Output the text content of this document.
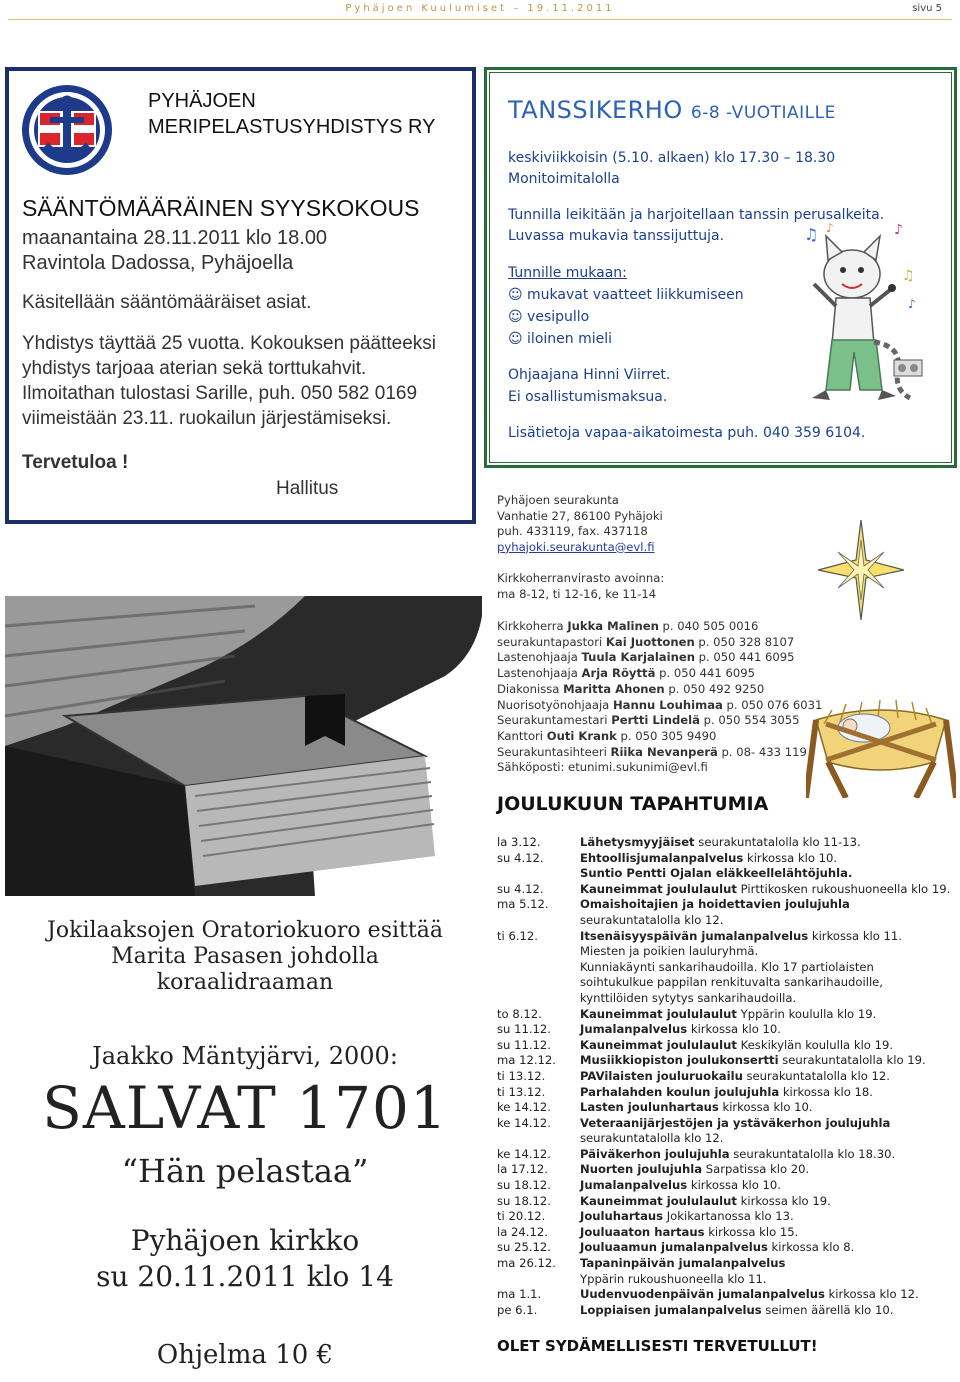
Pyhäjoen Kuulumiset – 19.11.2011	sivu 5
PYHÄJOEN
MERIPELASTUSYHDISTYS RY
SÄÄNTÖMÄÄRÄINEN SYYSKOKOUS
maanantaina 28.11.2011 klo 18.00
Ravintola Dadossa, Pyhäjoella
Käsitellään sääntömääräiset asiat.
Yhdistys täyttää 25 vuotta. Kokouksen päätteeksi
yhdistys tarjoaa aterian sekä torttukahvit.
Ilmoitathan tulostasi Sarille, puh. 050 582 0169
viimeistään 23.11. ruokailun järjestämiseksi.
Tervetuloa !
Hallitus
TANSSIKERHO 6-8 -VUOTIAILLE
keskiviikkoisin (5.10. alkaen) klo 17.30 – 18.30
Monitoimitalolla
Tunnilla leikitään ja harjoitellaan tanssin perusalkeita.
Luvassa mukavia tanssijuttuja.
Tunnille mukaan:
☺ mukavat vaatteet liikkumiseen
☺ vesipullo
☺ iloinen mieli
Ohjaajana Hinni Viirret.
Ei osallistumismaksua.
Lisätietoja vapaa-aikatoimesta puh. 040 359 6104.
♫ ♪	♪
♫
♪
Pyhäjoen seurakunta
Vanhatie 27, 86100 Pyhäjoki
puh. 433119, fax. 437118
pyhajoki.seurakunta@evl.fi
Kirkkoherranvirasto avoinna:
ma 8-12, ti 12-16, ke 11-14
Kirkkoherra Jukka Malinen p. 040 505 0016
seurakuntapastori Kai Juottonen p. 050 328 8107
Lastenohjaaja Tuula Karjalainen p. 050 441 6095
Lastenohjaaja Arja Röyttä p. 050 441 6095
Diakonissa Maritta Ahonen p. 050 492 9250
Nuorisotyönohjaaja Hannu Louhimaa p. 050 076 6031
Seurakuntamestari Pertti Lindelä p. 050 554 3055
Kanttori Outi Krank p. 050 305 9490
Seurakuntasihteeri Riika Nevanperä p. 08- 433 119
Sähköposti: etunimi.sukunimi@evl.fi
JOULUKUUN TAPAHTUMIA
la 3.12.	Lähetysmyyjäiset seurakuntatalolla klo 11-13.
su 4.12.	Ehtoollisjumalanpalvelus kirkossa klo 10.
Suntio Pentti Ojalan eläkkeellelähtöjuhla.
su 4.12.	Kauneimmat joululaulut Pirttikosken rukoushuoneella klo 19.
ma 5.12.	Omaishoitajien ja hoidettavien joulujuhla
seurakuntatalolla klo 12.
ti 6.12.	Itsenäisyyspäivän jumalanpalvelus kirkossa klo 11.
Miesten ja poikien lauluryhmä.
Kunniakäynti sankarihaudoilla. Klo 17 partiolaisten
soihtukulkue pappilan renkituvalta sankarihaudoille,
kynttilöiden sytytys sankarihaudoilla.
to 8.12.	Kauneimmat joululaulut Yppärin koululla klo 19.
su 11.12.	Jumalanpalvelus kirkossa klo 10.
su 11.12.	Kauneimmat joululaulut Keskikylän koululla klo 19.
ma 12.12.	Musiikkiopiston joulukonsertti seurakuntatalolla klo 19.
ti 13.12.	PAVilaisten jouluruokailu seurakuntatalolla klo 12.
ti 13.12.	Parhalahden koulun joulujuhla kirkossa klo 18.
ke 14.12.	Lasten joulunhartaus kirkossa klo 10.
ke 14.12.	Veteraanijärjestöjen ja ystäväkerhon joulujuhla
seurakuntatalolla klo 12.
ke 14.12.	Päiväkerhon joulujuhla seurakuntatalolla klo 18.30.
la 17.12.	Nuorten joulujuhla Sarpatissa klo 20.
su 18.12.	Jumalanpalvelus kirkossa klo 10.
su 18.12.	Kauneimmat joululaulut kirkossa klo 19.
ti 20.12.	Jouluhartaus Jokikartanossa klo 13.
la 24.12.	Jouluaaton hartaus kirkossa klo 15.
su 25.12.	Jouluaamun jumalanpalvelus kirkossa klo 8.
ma 26.12.	Tapaninpäivän jumalanpalvelus
Yppärin rukoushuoneella klo 11.
ma 1.1.	Uudenvuodenpäivän jumalanpalvelus kirkossa klo 12.
pe 6.1.	Loppiaisen jumalanpalvelus seimen äärellä klo 10.
OLET SYDÄMELLISESTI TERVETULLUT!
Jokilaaksojen Oratoriokuoro esittää
Marita Pasasen johdolla
koraalidraaman
Jaakko Mäntyjärvi, 2000:
SALVAT 1701
“Hän pelastaa”
Pyhäjoen kirkko
su 20.11.2011 klo 14
Ohjelma 10 €
